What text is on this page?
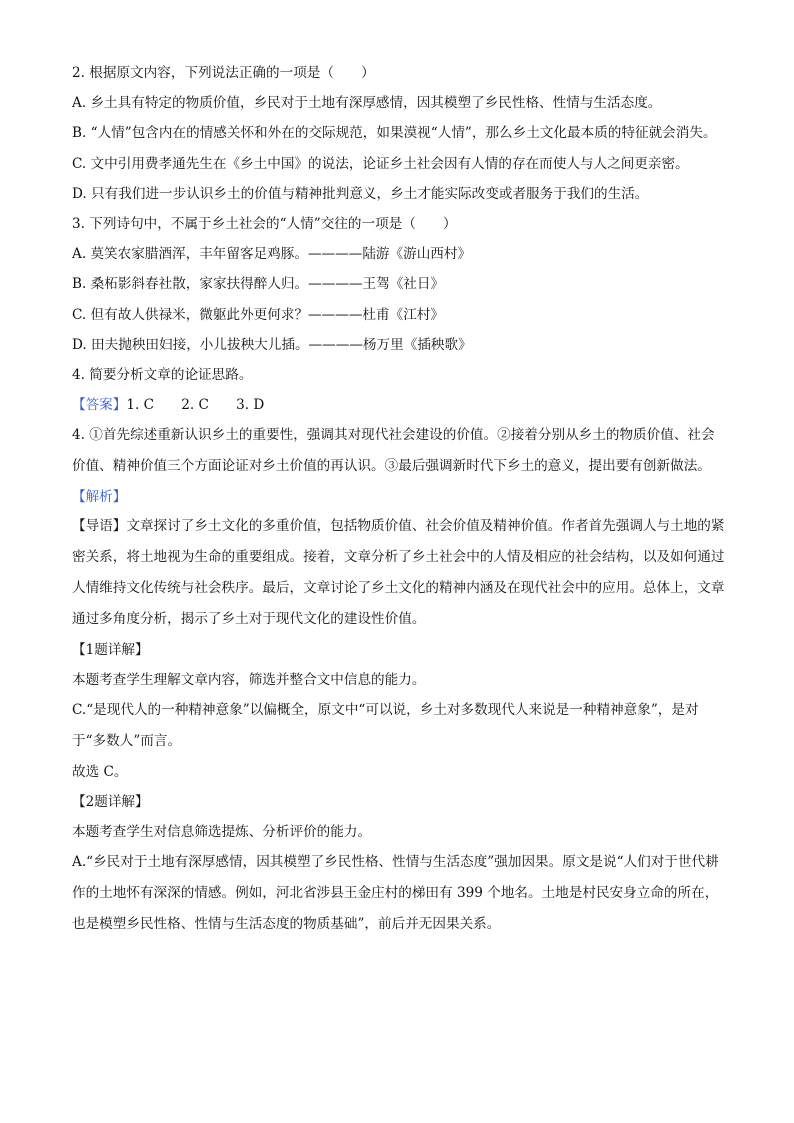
2. 根据原文内容，下列说法正确的一项是（　　）

A. 乡土具有特定的物质价值，乡民对于土地有深厚感情，因其模塑了乡民性格、性情与生活态度。

B. “人情”包含内在的情感关怀和外在的交际规范，如果漠视“人情”，那么乡土文化最本质的特征就会消失。

C. 文中引用费孝通先生在《乡土中国》的说法，论证乡土社会因有人情的存在而使人与人之间更亲密。

D. 只有我们进一步认识乡土的价值与精神批判意义，乡土才能实际改变或者服务于我们的生活。

3. 下列诗句中，不属于乡土社会的“人情”交往的一项是（　　）

A. 莫笑农家腊酒浑，丰年留客足鸡豚。————陆游《游山西村》

B. 桑柘影斜春社散，家家扶得醉人归。————王驾《社日》

C. 但有故人供禄米，微躯此外更何求？————杜甫《江村》

D. 田夫抛秧田妇接，小儿拔秧大儿插。————杨万里《插秧歌》

4. 简要分析文章的论证思路。

【答案】1. C　　2. C　　3. D

4. ①首先综述重新认识乡土的重要性，强调其对现代社会建设的价值。②接着分别从乡土的物质价值、社会价值、精神价值三个方面论证对乡土价值的再认识。③最后强调新时代下乡土的意义，提出要有创新做法。

【解析】

【导语】文章探讨了乡土文化的多重价值，包括物质价值、社会价值及精神价值。作者首先强调人与土地的紧密关系，将土地视为生命的重要组成。接着，文章分析了乡土社会中的人情及相应的社会结构，以及如何通过人情维持文化传统与社会秩序。最后，文章讨论了乡土文化的精神内涵及在现代社会中的应用。总体上，文章通过多角度分析，揭示了乡土对于现代文化的建设性价值。

【1题详解】

本题考查学生理解文章内容，筛选并整合文中信息的能力。

C.“是现代人的一种精神意象”以偏概全，原文中“可以说，乡土对多数现代人来说是一种精神意象”，是对于“多数人”而言。

故选 C。

【2题详解】

本题考查学生对信息筛选提炼、分析评价的能力。

A.“乡民对于土地有深厚感情，因其模塑了乡民性格、性情与生活态度”强加因果。原文是说“人们对于世代耕作的土地怀有深深的情感。例如，河北省涉县王金庄村的梯田有 399 个地名。土地是村民安身立命的所在，也是模塑乡民性格、性情与生活态度的物质基础”，前后并无因果关系。
